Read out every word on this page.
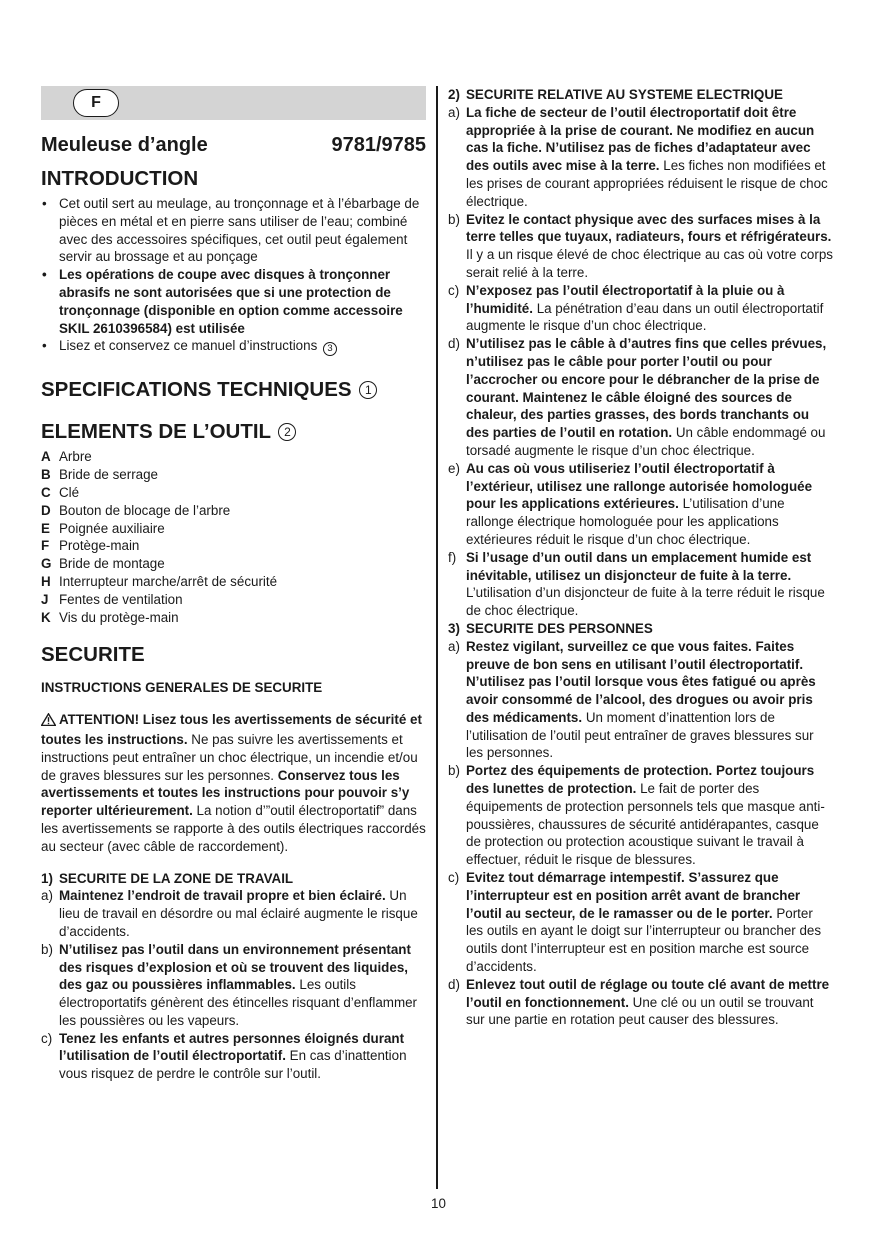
F
Meuleuse d’angle	9781/9785
INTRODUCTION
• Cet outil sert au meulage, au tronçonnage et à l’ébarbage de pièces en métal et en pierre sans utiliser de l’eau; combiné avec des accessoires spécifiques, cet outil peut également servir au brossage et au ponçage
• Les opérations de coupe avec disques à tronçonner abrasifs ne sont autorisées que si une protection de tronçonnage (disponible en option comme accessoire SKIL 2610396584) est utilisée
• Lisez et conservez ce manuel d’instructions 3
SPECIFICATIONS TECHNIQUES 1
ELEMENTS DE L’OUTIL 2
A Arbre
B Bride de serrage
C Clé
D Bouton de blocage de l’arbre
E Poignée auxiliaire
F Protège-main
G Bride de montage
H Interrupteur marche/arrêt de sécurité
J Fentes de ventilation
K Vis du protège-main
SECURITE
INSTRUCTIONS GENERALES DE SECURITE
ATTENTION! Lisez tous les avertissements de sécurité et toutes les instructions. Ne pas suivre les avertissements et instructions peut entraîner un choc électrique, un incendie et/ou de graves blessures sur les personnes. Conservez tous les avertissements et toutes les instructions pour pouvoir s’y reporter ultérieurement. La notion d’”outil électroportatif” dans les avertissements se rapporte à des outils électriques raccordés au secteur (avec câble de raccordement).
1) SECURITE DE LA ZONE DE TRAVAIL
a) Maintenez l’endroit de travail propre et bien éclairé. Un lieu de travail en désordre ou mal éclairé augmente le risque d’accidents.
b) N’utilisez pas l’outil dans un environnement présentant des risques d’explosion et où se trouvent des liquides, des gaz ou poussières inflammables. Les outils électroportatifs génèrent des étincelles risquant d’enflammer les poussières ou les vapeurs.
c) Tenez les enfants et autres personnes éloignés durant l’utilisation de l’outil électroportatif. En cas d’inattention vous risquez de perdre le contrôle sur l’outil.
2) SECURITE RELATIVE AU SYSTEME ELECTRIQUE
a) La fiche de secteur de l’outil électroportatif doit être appropriée à la prise de courant. Ne modifiez en aucun cas la fiche. N’utilisez pas de fiches d’adaptateur avec des outils avec mise à la terre. Les fiches non modifiées et les prises de courant appropriées réduisent le risque de choc électrique.
b) Evitez le contact physique avec des surfaces mises à la terre telles que tuyaux, radiateurs, fours et réfrigérateurs. Il y a un risque élevé de choc électrique au cas où votre corps serait relié à la terre.
c) N’exposez pas l’outil électroportatif à la pluie ou à l’humidité. La pénétration d’eau dans un outil électroportatif augmente le risque d’un choc électrique.
d) N’utilisez pas le câble à d’autres fins que celles prévues, n’utilisez pas le câble pour porter l’outil ou pour l’accrocher ou encore pour le débrancher de la prise de courant. Maintenez le câble éloigné des sources de chaleur, des parties grasses, des bords tranchants ou des parties de l’outil en rotation. Un câble endommagé ou torsadé augmente le risque d’un choc électrique.
e) Au cas où vous utiliseriez l’outil électroportatif à l’extérieur, utilisez une rallonge autorisée homologuée pour les applications extérieures. L’utilisation d’une rallonge électrique homologuée pour les applications extérieures réduit le risque d’un choc électrique.
f) Si l’usage d’un outil dans un emplacement humide est inévitable, utilisez un disjoncteur de fuite à la terre. L’utilisation d’un disjoncteur de fuite à la terre réduit le risque de choc électrique.
3) SECURITE DES PERSONNES
a) Restez vigilant, surveillez ce que vous faites. Faites preuve de bon sens en utilisant l’outil électroportatif. N’utilisez pas l’outil lorsque vous êtes fatigué ou après avoir consommé de l’alcool, des drogues ou avoir pris des médicaments. Un moment d’inattention lors de l’utilisation de l’outil peut entraîner de graves blessures sur les personnes.
b) Portez des équipements de protection. Portez toujours des lunettes de protection. Le fait de porter des équipements de protection personnels tels que masque anti-poussières, chaussures de sécurité antidérapantes, casque de protection ou protection acoustique suivant le travail à effectuer, réduit le risque de blessures.
c) Evitez tout démarrage intempestif. S’assurez que l’interrupteur est en position arrêt avant de brancher l’outil au secteur, de le ramasser ou de le porter. Porter les outils en ayant le doigt sur l’interrupteur ou brancher des outils dont l’interrupteur est en position marche est source d’accidents.
d) Enlevez tout outil de réglage ou toute clé avant de mettre l’outil en fonctionnement. Une clé ou un outil se trouvant sur une partie en rotation peut causer des blessures.
10
